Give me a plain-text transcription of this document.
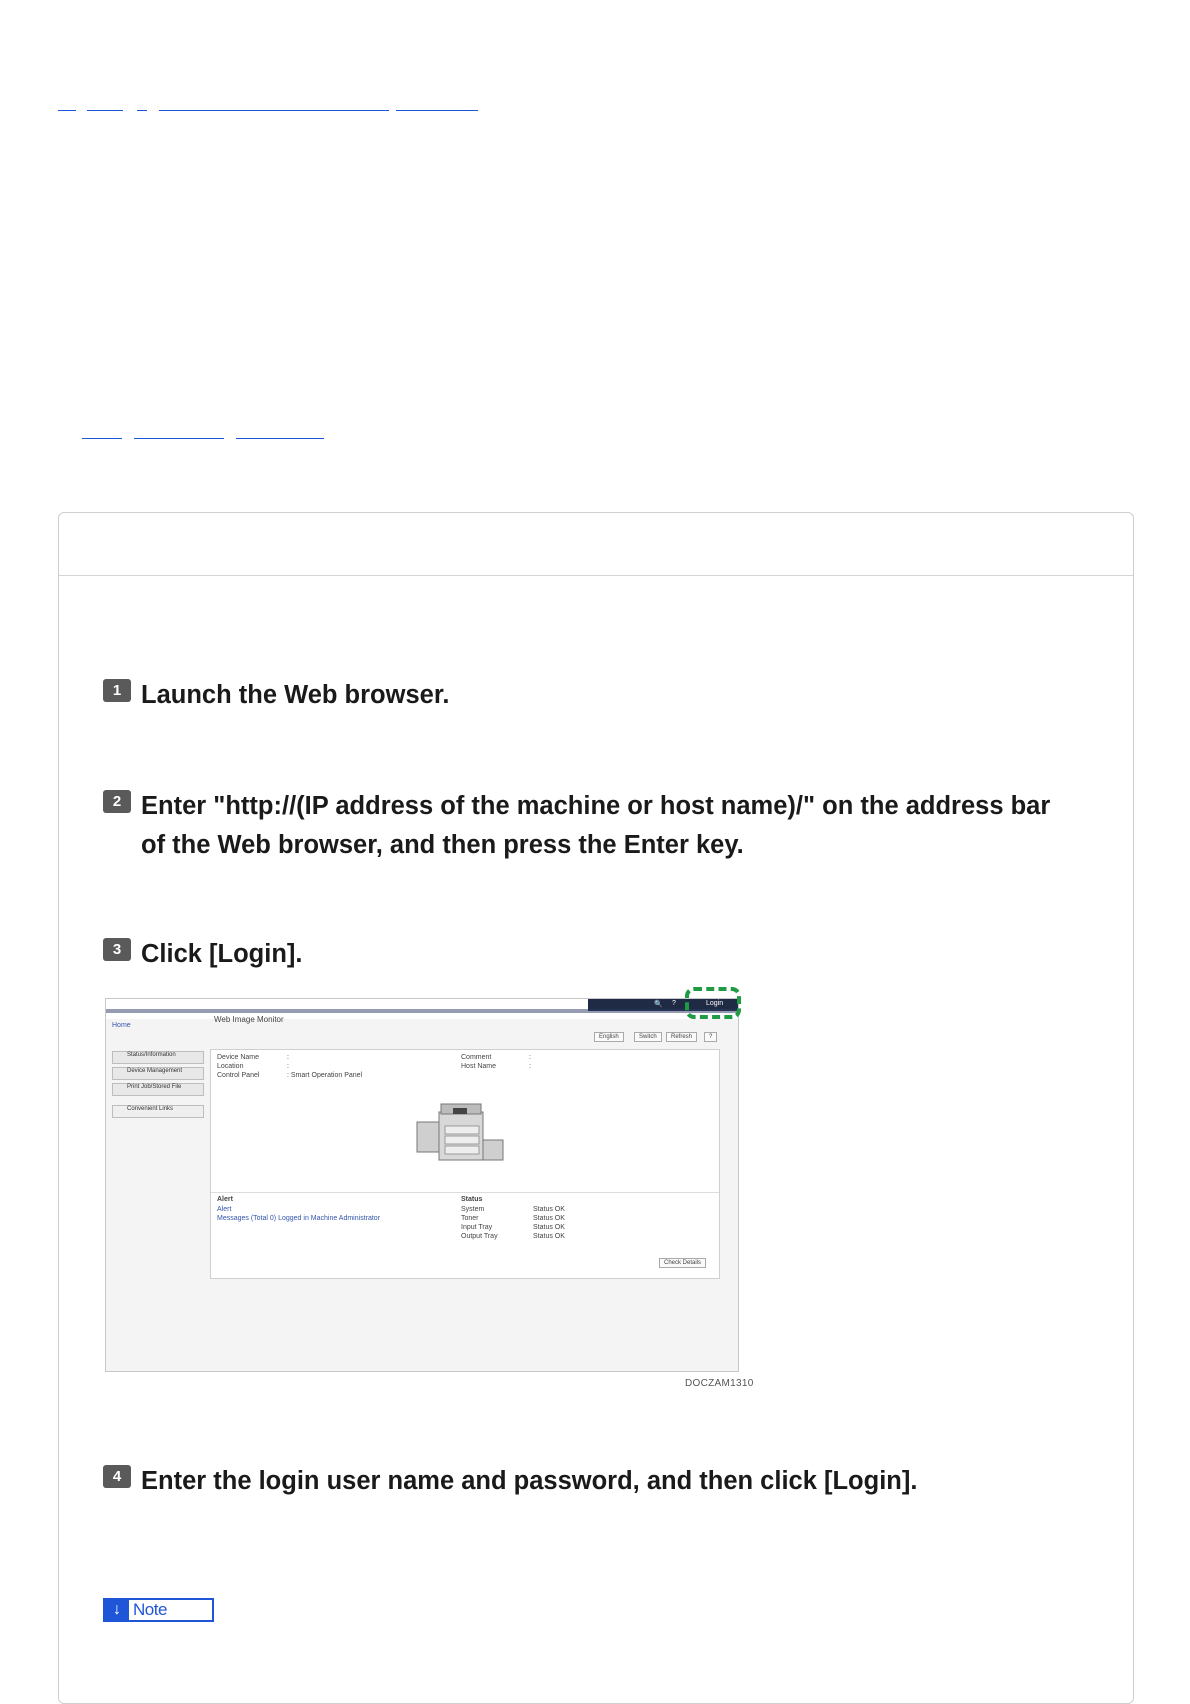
1 Launch the Web browser.
2 Enter "http://(IP address of the machine or host name)/" on the address bar of the Web browser, and then press the Enter key.
3 Click [Login].
Web Image Monitor
Home
🔍 ?	Login
English	Switch	Refresh	?
Status/Information
Device Management
Print Job/Stored File
Convenient Links
Device Name	:
Location	:
Control Panel	: Smart Operation Panel
Comment	:
Host Name	:
Alert
Alert
Messages (Total 0) Logged in Machine Administrator
Status
System	Status OK
Toner	Status OK
Input Tray	Status OK
Output Tray	Status OK
Check Details
DOCZAM1310
4 Enter the login user name and password, and then click [Login].
↓ Note
